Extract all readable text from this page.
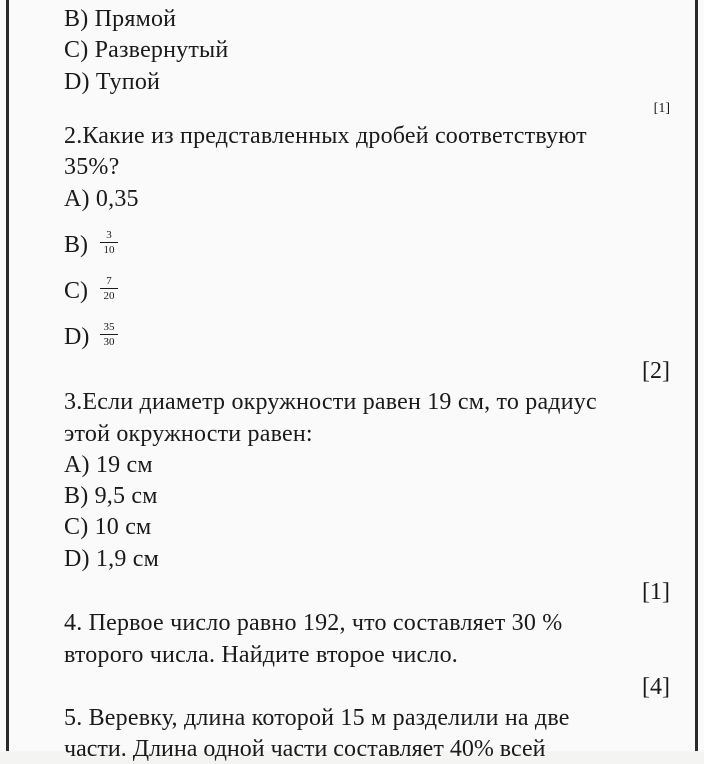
B) Прямой
C) Развернутый
D) Тупой
[1]
2.Какие из представленных дробей соответствуют
35%?
A) 0,35
B) 3
10
C) 7
20
D) 35
30
[2]
3.Если диаметр окружности равен 19 см, то радиус
этой окружности равен:
A) 19 см
B) 9,5 см
C) 10 см
D) 1,9 см
[1]
4. Первое число равно 192, что составляет 30 %
второго числа. Найдите второе число.
[4]
5. Веревку, длина которой 15 м разделили на две
части. Длина одной части составляет 40% всей
